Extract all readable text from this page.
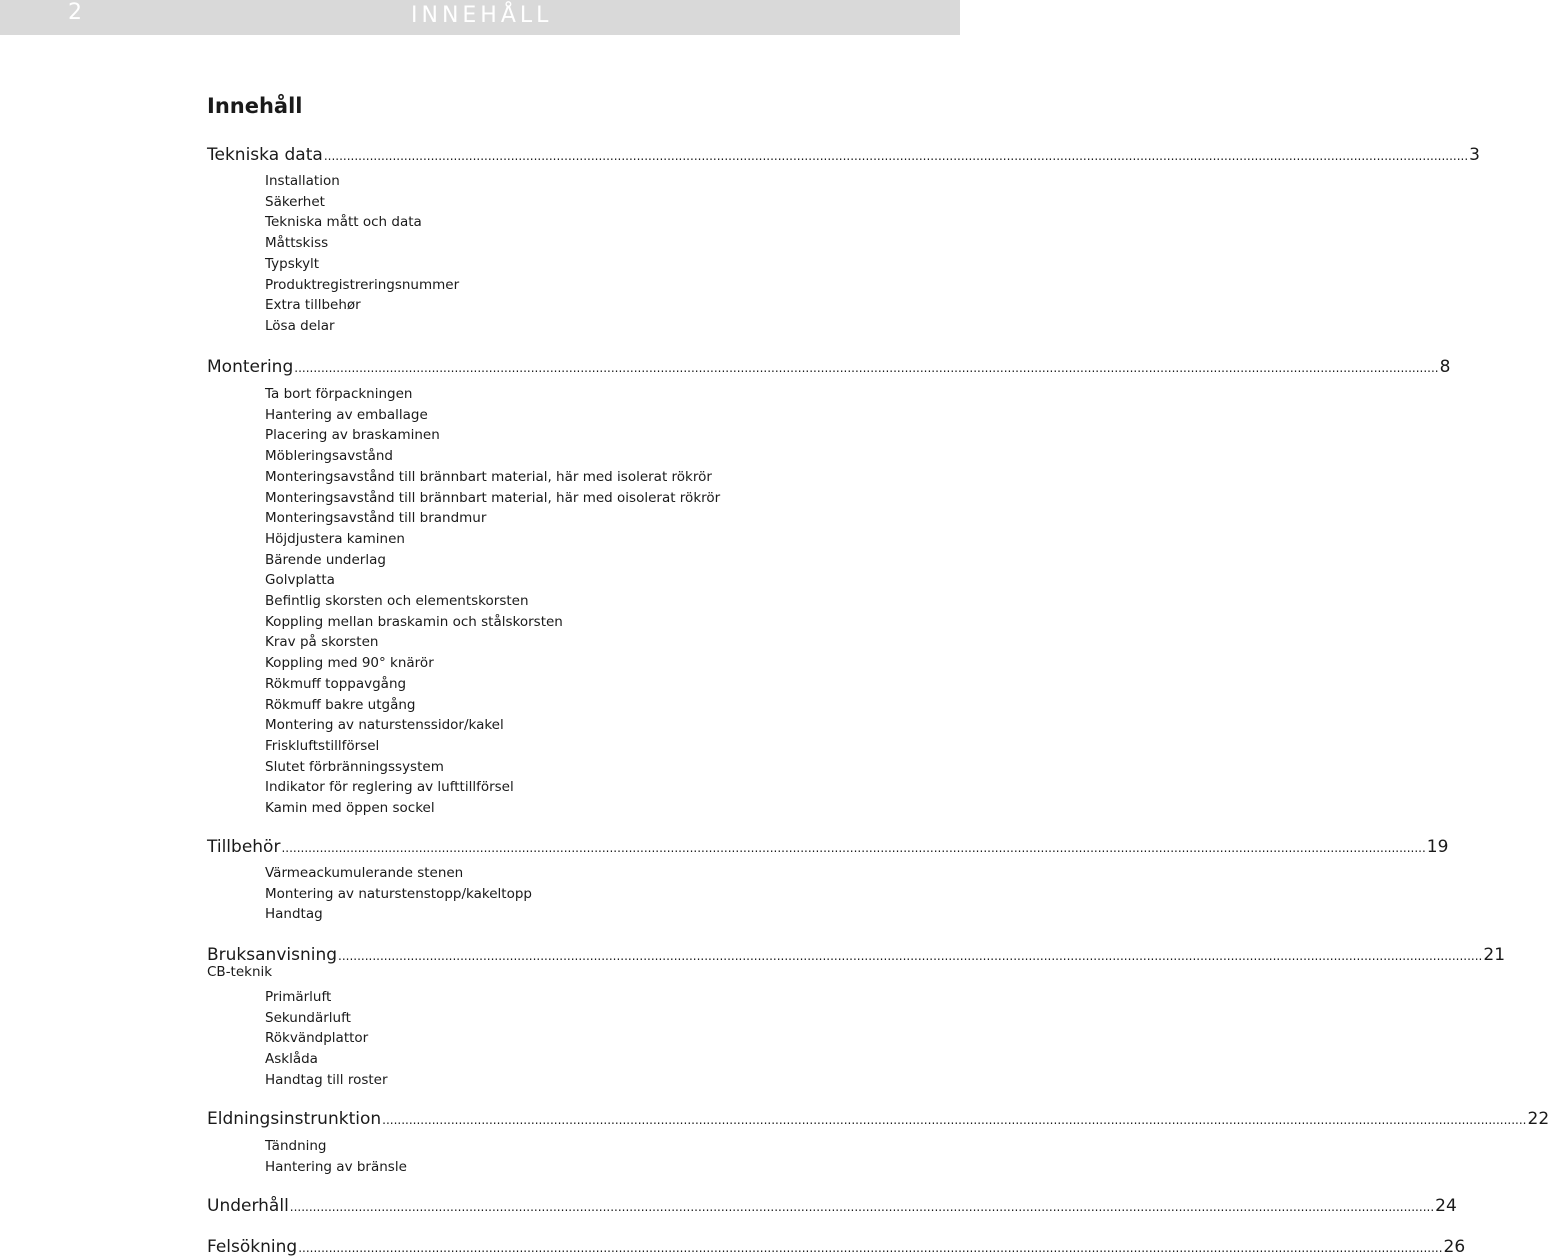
2	INNEHÅLL
Innehåll
Tekniska data ............................................................................................................................................................................................................................................................................................................ 3
Installation
Säkerhet
Tekniska mått och data
Måttskiss
Typskylt
Produktregistreringsnummer
Extra tillbehør
Lösa delar
Montering ............................................................................................................................................................................................................................................................................................................ 8
Ta bort förpackningen
Hantering av emballage
Placering av braskaminen
Möbleringsavstånd
Monteringsavstånd till brännbart material, här med isolerat rökrör
Monteringsavstånd till brännbart material, här med oisolerat rökrör
Monteringsavstånd till brandmur
Höjdjustera kaminen
Bärende underlag
Golvplatta
Befintlig skorsten och elementskorsten
Koppling mellan braskamin och stålskorsten
Krav på skorsten
Koppling med 90° knärör
Rökmuff toppavgång
Rökmuff bakre utgång
Montering av naturstenssidor/kakel
Friskluftstillförsel
Slutet förbränningssystem
Indikator för reglering av lufttillförsel
Kamin med öppen sockel
Tillbehör ............................................................................................................................................................................................................................................................................................................ 19
Värmeackumulerande stenen
Montering av naturstenstopp/kakeltopp
Handtag
Bruksanvisning ............................................................................................................................................................................................................................................................................................................ 21
CB-teknik
Primärluft
Sekundärluft
Rökvändplattor
Asklåda
Handtag till roster
Eldningsinstrunktion ............................................................................................................................................................................................................................................................................................................ 22
Tändning
Hantering av bränsle
Underhåll ............................................................................................................................................................................................................................................................................................................ 24
Felsökning ............................................................................................................................................................................................................................................................................................................ 26
